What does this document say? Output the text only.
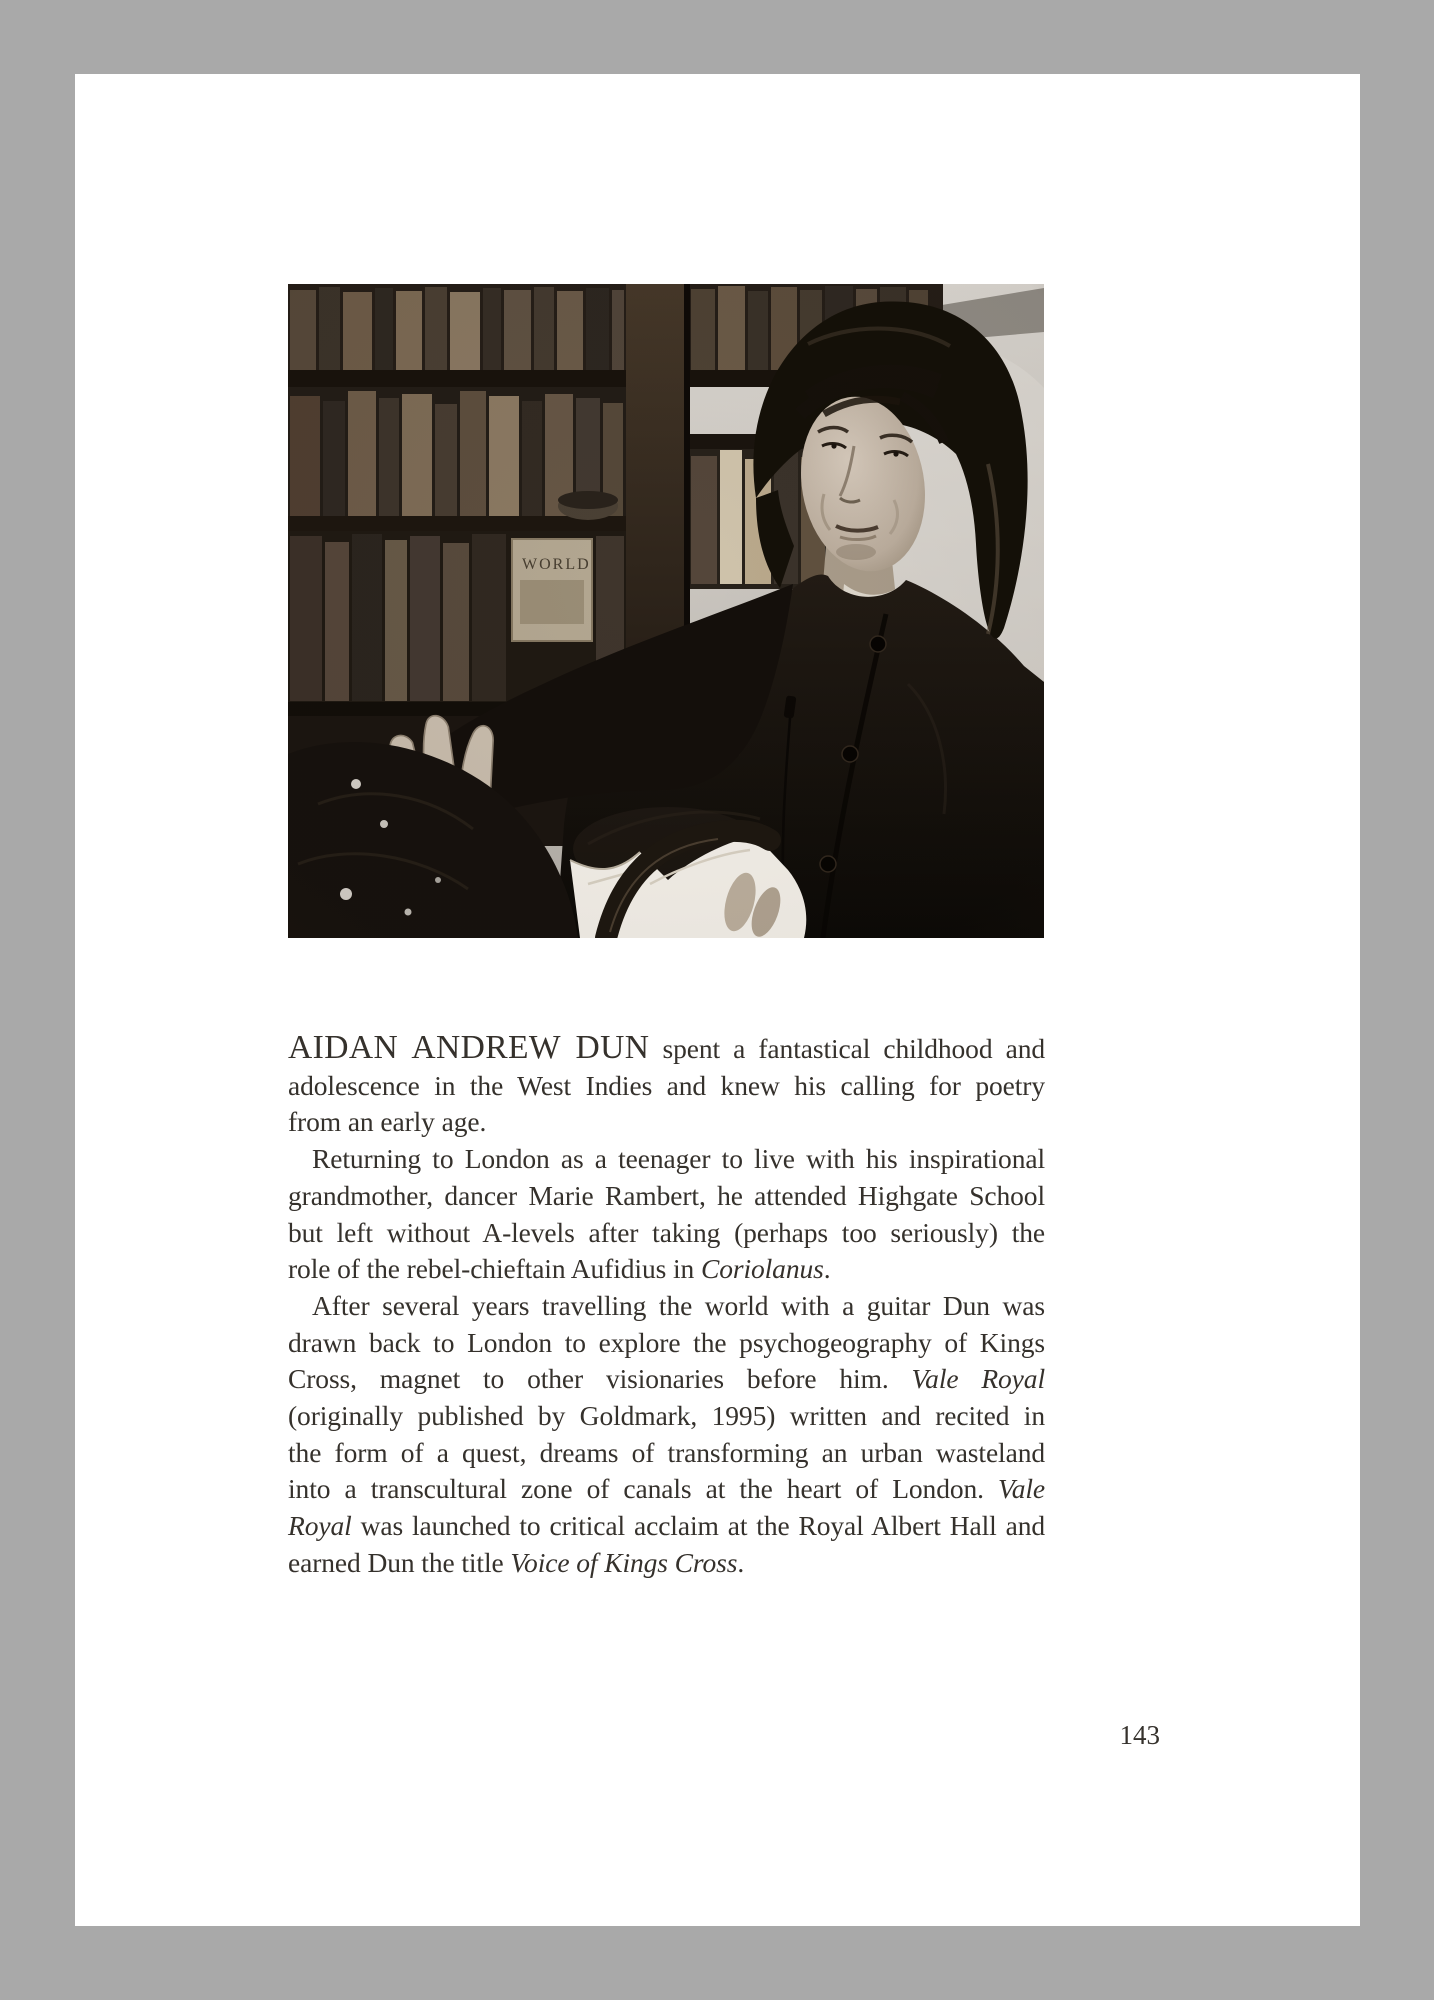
AIDAN ANDREW DUN spent a fantastical childhood and
adolescence in the West Indies and knew his calling for poetry
from an early age.
Returning to London as a teenager to live with his inspirational
grandmother, dancer Marie Rambert, he attended Highgate School
but left without A-levels after taking (perhaps too seriously) the
role of the rebel-chieftain Aufidius in Coriolanus.
After several years travelling the world with a guitar Dun was
drawn back to London to explore the psychogeography of Kings
Cross, magnet to other visionaries before him. Vale Royal
(originally published by Goldmark, 1995) written and recited in
the form of a quest, dreams of transforming an urban wasteland
into a transcultural zone of canals at the heart of London. Vale
Royal was launched to critical acclaim at the Royal Albert Hall and
earned Dun the title Voice of Kings Cross.
143
